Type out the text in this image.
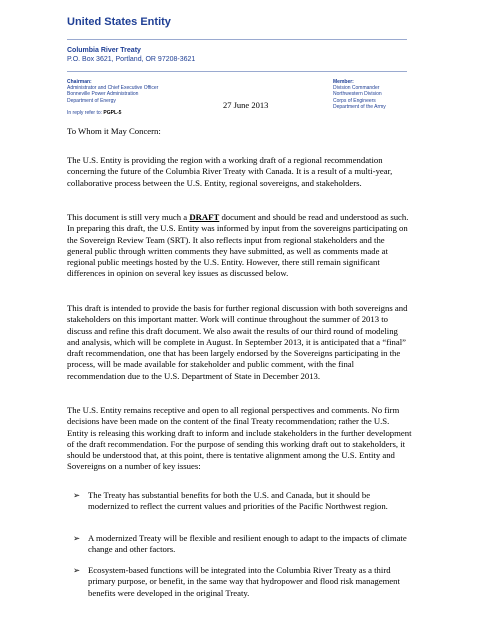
United States Entity
Columbia River Treaty
P.O. Box 3621, Portland, OR 97208-3621
Chairman:
Administrator and Chief Executive Officer
Bonneville Power Administration
Department of Energy
Member:
Division Commander
Northwestern Division
Corps of Engineers
Department of the Army
27 June 2013
In reply refer to: PGPL-5

To Whom it May Concern:

The U.S. Entity is providing the region with a working draft of a regional recommendation concerning the future of the Columbia River Treaty with Canada. It is a result of a multi-year, collaborative process between the U.S. Entity, regional sovereigns, and stakeholders.

This document is still very much a DRAFT document and should be read and understood as such. In preparing this draft, the U.S. Entity was informed by input from the sovereigns participating on the Sovereign Review Team (SRT). It also reflects input from regional stakeholders and the general public through written comments they have submitted, as well as comments made at regional public meetings hosted by the U.S. Entity. However, there still remain significant differences in opinion on several key issues as discussed below.

This draft is intended to provide the basis for further regional discussion with both sovereigns and stakeholders on this important matter. Work will continue throughout the summer of 2013 to discuss and refine this draft document. We also await the results of our third round of modeling and analysis, which will be complete in August. In September 2013, it is anticipated that a “final” draft recommendation, one that has been largely endorsed by the Sovereigns participating in the process, will be made available for stakeholder and public comment, with the final recommendation due to the U.S. Department of State in December 2013.

The U.S. Entity remains receptive and open to all regional perspectives and comments. No firm decisions have been made on the content of the final Treaty recommendation; rather the U.S. Entity is releasing this working draft to inform and include stakeholders in the further development of the draft recommendation. For the purpose of sending this working draft out to stakeholders, it should be understood that, at this point, there is tentative alignment among the U.S. Entity and Sovereigns on a number of key issues:

➢ The Treaty has substantial benefits for both the U.S. and Canada, but it should be modernized to reflect the current values and priorities of the Pacific Northwest region.
➢ A modernized Treaty will be flexible and resilient enough to adapt to the impacts of climate change and other factors.
➢ Ecosystem-based functions will be integrated into the Columbia River Treaty as a third primary purpose, or benefit, in the same way that hydropower and flood risk management benefits were developed in the original Treaty.
